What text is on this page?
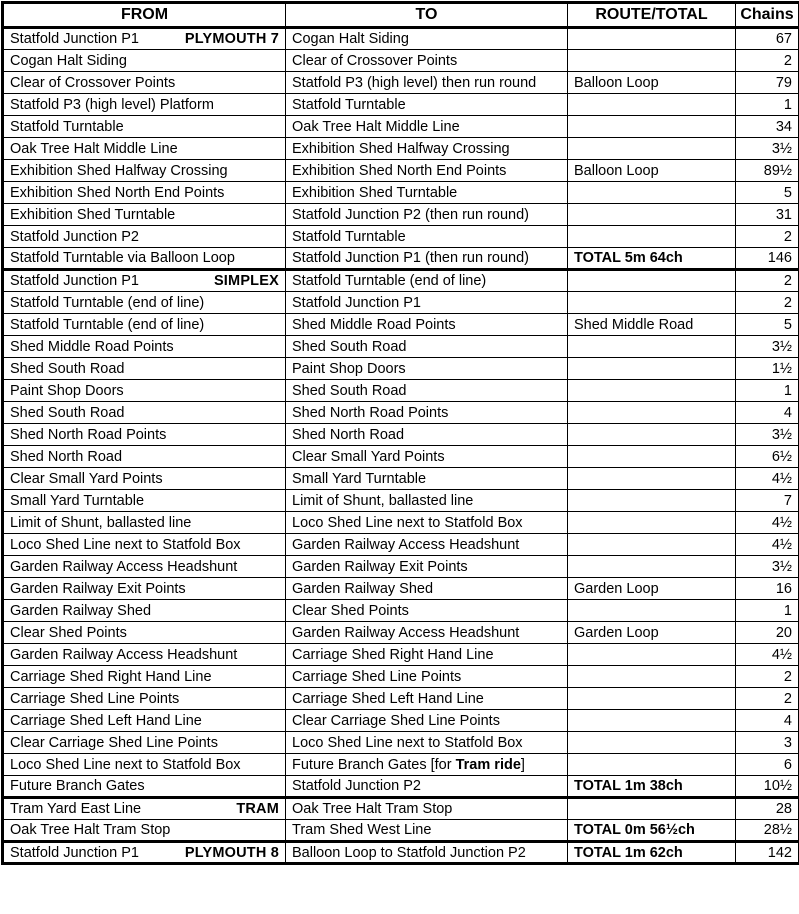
FROM	TO	ROUTE/TOTAL	Chains

Statfold Junction P1 PLYMOUTH 7	Cogan Halt Siding		67

Cogan Halt Siding	Clear of Crossover Points		2

Clear of Crossover Points	Statfold P3 (high level) then run round	Balloon Loop	79

Statfold P3 (high level) Platform	Statfold Turntable		1

Statfold Turntable	Oak Tree Halt Middle Line		34

Oak Tree Halt Middle Line	Exhibition Shed Halfway Crossing		3½

Exhibition Shed Halfway Crossing	Exhibition Shed North End Points	Balloon Loop	89½

Exhibition Shed North End Points	Exhibition Shed Turntable		5

Exhibition Shed Turntable	Statfold Junction P2 (then run round)		31

Statfold Junction P2	Statfold Turntable		2

Statfold Turntable via Balloon Loop	Statfold Junction P1 (then run round)	TOTAL 5m 64ch	146

Statfold Junction P1 SIMPLEX	Statfold Turntable (end of line)		2

Statfold Turntable (end of line)	Statfold Junction P1		2

Statfold Turntable (end of line)	Shed Middle Road Points	Shed Middle Road	5

Shed Middle Road Points	Shed South Road		3½

Shed South Road	Paint Shop Doors		1½

Paint Shop Doors	Shed South Road		1

Shed South Road	Shed North Road Points		4

Shed North Road Points	Shed North Road		3½

Shed North Road	Clear Small Yard Points		6½

Clear Small Yard Points	Small Yard Turntable		4½

Small Yard Turntable	Limit of Shunt, ballasted line		7

Limit of Shunt, ballasted line	Loco Shed Line next to Statfold Box		4½

Loco Shed Line next to Statfold Box	Garden Railway Access Headshunt		4½

Garden Railway Access Headshunt	Garden Railway Exit Points		3½

Garden Railway Exit Points	Garden Railway Shed	Garden Loop	16

Garden Railway Shed	Clear Shed Points		1

Clear Shed Points	Garden Railway Access Headshunt	Garden Loop	20

Garden Railway Access Headshunt	Carriage Shed Right Hand Line		4½

Carriage Shed Right Hand Line	Carriage Shed Line Points		2

Carriage Shed Line Points	Carriage Shed Left Hand Line		2

Carriage Shed Left Hand Line	Clear Carriage Shed Line Points		4

Clear Carriage Shed Line Points	Loco Shed Line next to Statfold Box		3

Loco Shed Line next to Statfold Box	Future Branch Gates [for Tram ride]		6

Future Branch Gates	Statfold Junction P2	TOTAL 1m 38ch	10½

Tram Yard East Line TRAM	Oak Tree Halt Tram Stop		28

Oak Tree Halt Tram Stop	Tram Shed West Line	TOTAL 0m 56½ch	28½

Statfold Junction P1 PLYMOUTH 8	Balloon Loop to Statfold Junction P2	TOTAL 1m 62ch	142
